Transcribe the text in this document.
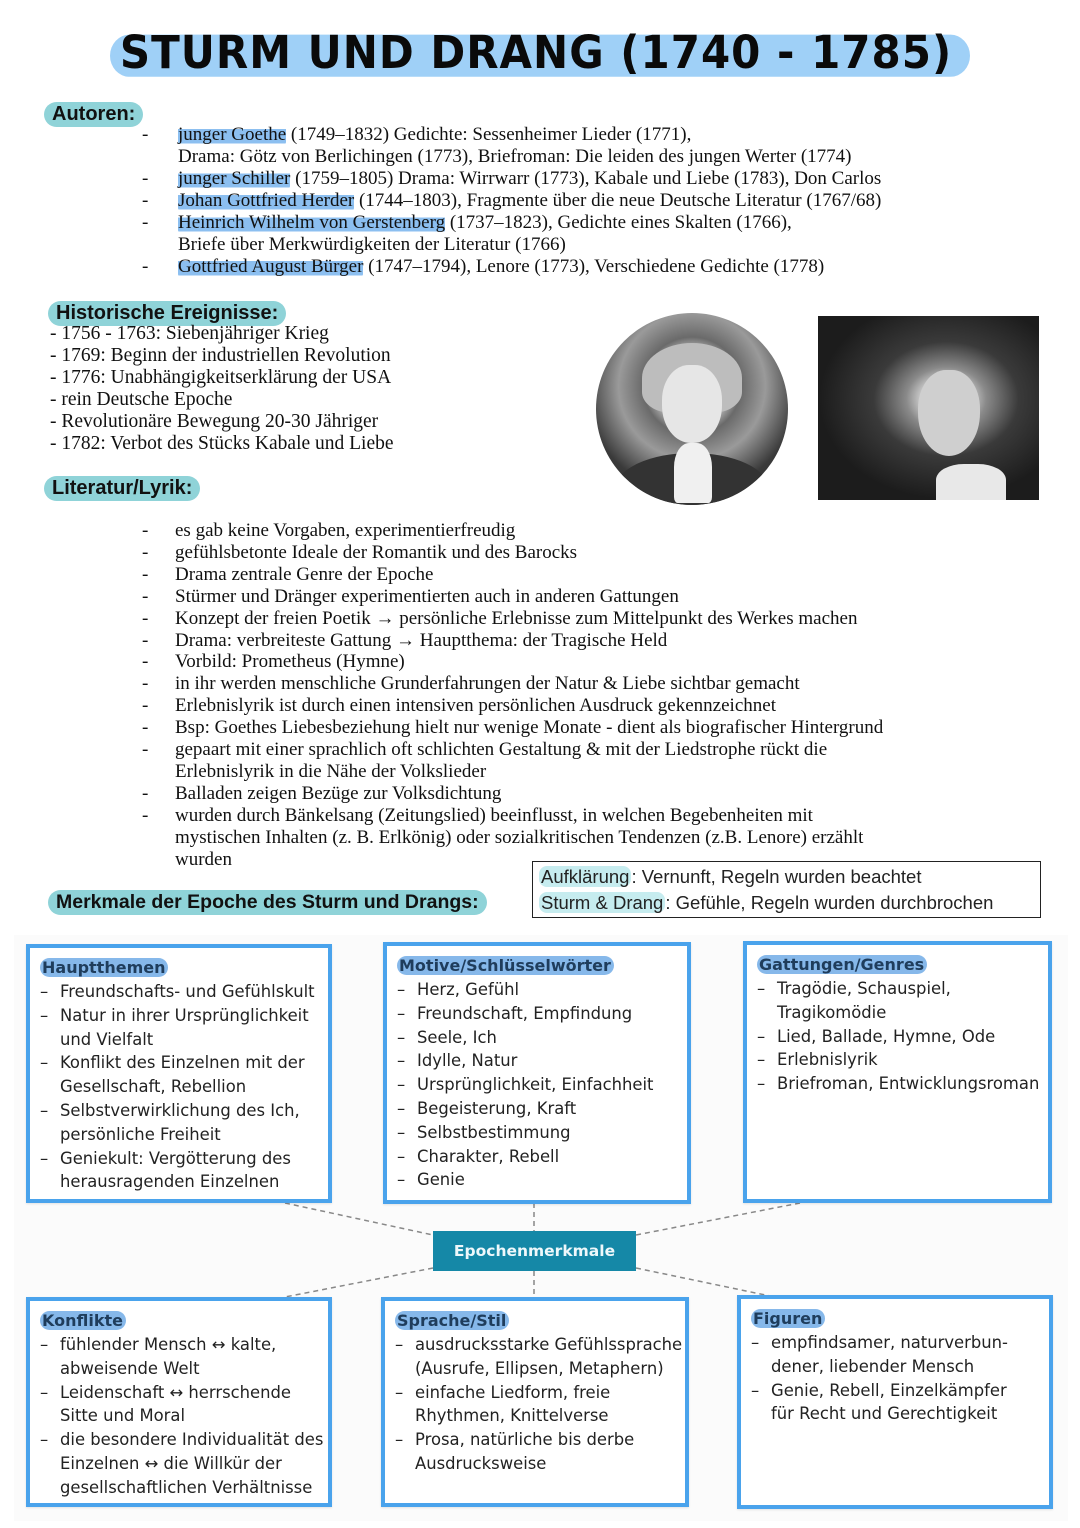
STURM UND DRANG (1740 - 1785)
Autoren:
-	junger Goethe (1749–1832) Gedichte: Sessenheimer Lieder (1771),
Drama: Götz von Berlichingen (1773), Briefroman: Die leiden des jungen Werter (1774)
-	junger Schiller (1759–1805) Drama: Wirrwarr (1773), Kabale und Liebe (1783), Don Carlos
-	Johan Gottfried Herder (1744–1803), Fragmente über die neue Deutsche Literatur (1767/68)
-	Heinrich Wilhelm von Gerstenberg (1737–1823), Gedichte eines Skalten (1766),
Briefe über Merkwürdigkeiten der Literatur (1766)
-	Gottfried August Bürger (1747–1794), Lenore (1773), Verschiedene Gedichte (1778)
Historische Ereignisse:
- 1756 - 1763: Siebenjähriger Krieg
- 1769: Beginn der industriellen Revolution
- 1776: Unabhängigkeitserklärung der USA
- rein Deutsche Epoche
- Revolutionäre Bewegung 20-30 Jähriger
- 1782: Verbot des Stücks Kabale und Liebe
Literatur/Lyrik:
-	es gab keine Vorgaben, experimentierfreudig
-	gefühlsbetonte Ideale der Romantik und des Barocks
-	Drama zentrale Genre der Epoche
-	Stürmer und Dränger experimentierten auch in anderen Gattungen
-	Konzept der freien Poetik → persönliche Erlebnisse zum Mittelpunkt des Werkes machen
-	Drama: verbreiteste Gattung → Hauptthema: der Tragische Held
-	Vorbild: Prometheus (Hymne)
-	in ihr werden menschliche Grunderfahrungen der Natur & Liebe sichtbar gemacht
-	Erlebnislyrik ist durch einen intensiven persönlichen Ausdruck gekennzeichnet
-	Bsp: Goethes Liebesbeziehung hielt nur wenige Monate - dient als biografischer Hintergrund
-	gepaart mit einer sprachlich oft schlichten Gestaltung & mit der Liedstrophe rückt die
Erlebnislyrik in die Nähe der Volkslieder
-	Balladen zeigen Bezüge zur Volksdichtung
-	wurden durch Bänkelsang (Zeitungslied) beeinflusst, in welchen Begebenheiten mit
mystischen Inhalten (z. B. Erlkönig) oder sozialkritischen Tendenzen (z.B. Lenore) erzählt
wurden
Aufklärung : Vernunft, Regeln wurden beachtet
Sturm & Drang : Gefühle, Regeln wurden durchbrochen
Merkmale der Epoche des Sturm und Drangs:
Hauptthemen
– Freundschafts- und Gefühlskult
– Natur in ihrer Ursprünglichkeit
und Vielfalt
– Konflikt des Einzelnen mit der
Gesellschaft, Rebellion
– Selbstverwirklichung des Ich,
persönliche Freiheit
– Geniekult: Vergötterung des
herausragenden Einzelnen
Motive/Schlüsselwörter
– Herz, Gefühl
– Freundschaft, Empfindung
– Seele, Ich
– Idylle, Natur
– Ursprünglichkeit, Einfachheit
– Begeisterung, Kraft
– Selbstbestimmung
– Charakter, Rebell
– Genie
Gattungen/Genres
– Tragödie, Schauspiel,
Tragikomödie
– Lied, Ballade, Hymne, Ode
– Erlebnislyrik
– Briefroman, Entwicklungsroman
Konflikte
– fühlender Mensch ↔ kalte,
abweisende Welt
– Leidenschaft ↔ herrschende
Sitte und Moral
– die besondere Individualität des
Einzelnen ↔ die Willkür der
gesellschaftlichen Verhältnisse
Sprache/Stil
– ausdrucksstarke Gefühlssprache
(Ausrufe, Ellipsen, Metaphern)
– einfache Liedform, freie
Rhythmen, Knittelverse
– Prosa, natürliche bis derbe
Ausdrucksweise
Figuren
– empfindsamer, naturverbun-
dener, liebender Mensch
– Genie, Rebell, Einzelkämpfer
für Recht und Gerechtigkeit
Epochenmerkmale
